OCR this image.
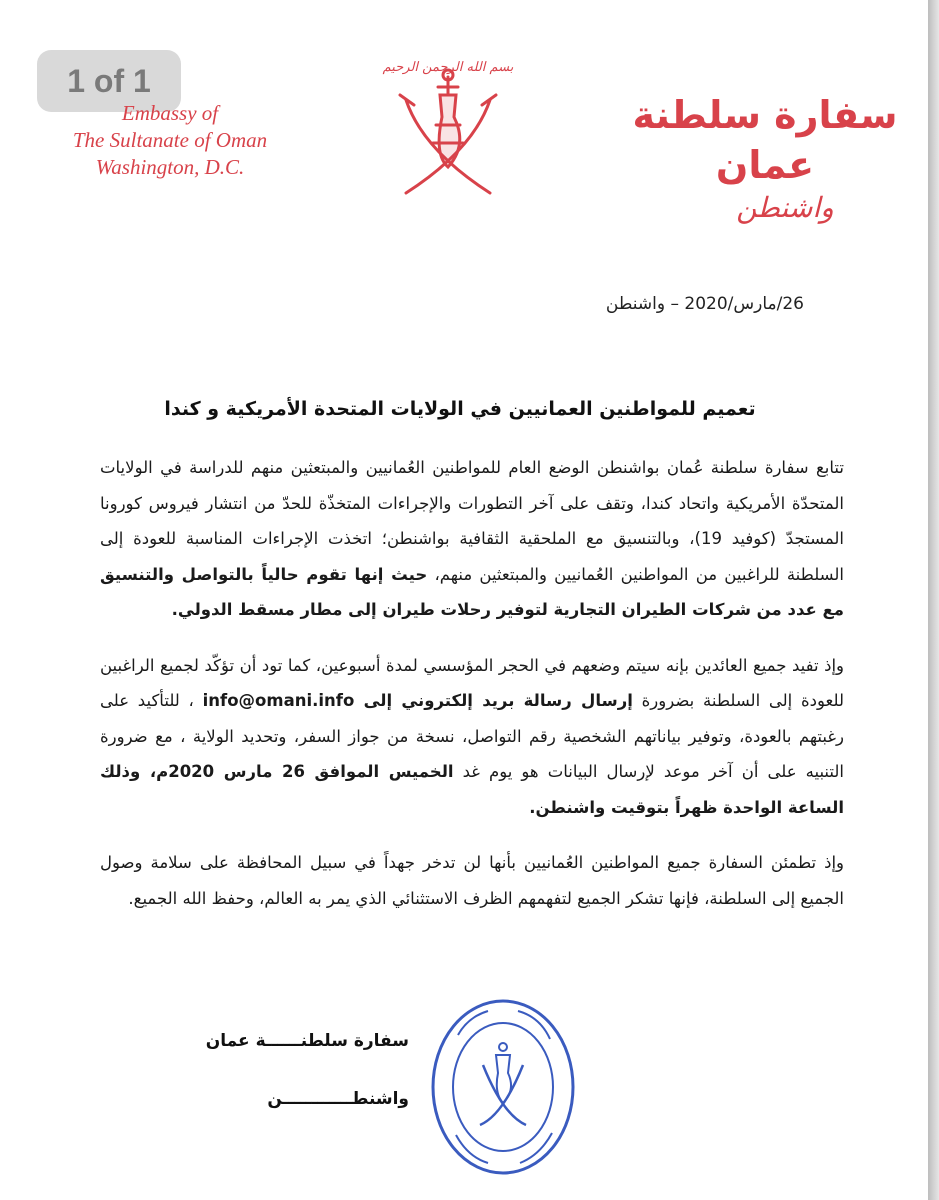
1 of 1
Embassy of
The Sultanate of Oman
Washington, D.C.
بسم الله الرحمن الرحيم
سفارة سلطنة عمان
واشنطن
26/مارس/2020 – واشنطن
تعميم للمواطنين العمانيين في الولايات المتحدة الأمريكية و كندا

تتابع سفارة سلطنة عُمان بواشنطن الوضع العام للمواطنين العُمانيين والمبتعثين منهم للدراسة في الولايات المتحدّة الأمريكية واتحاد كندا، وتقف على آخر التطورات والإجراءات المتخذّة للحدّ من انتشار فيروس كورونا المستجدّ (كوفيد 19)، وبالتنسيق مع الملحقية الثقافية بواشنطن؛ اتخذت الإجراءات المناسبة للعودة إلى السلطنة للراغبين من المواطنين العُمانيين والمبتعثين منهم، حيث إنها تقوم حالياً بالتواصل والتنسيق مع عدد من شركات الطيران التجارية لتوفير رحلات طيران إلى مطار مسقط الدولي.

وإذ تفيد جميع العائدين بإنه سيتم وضعهم في الحجر المؤسسي لمدة أسبوعين، كما تود أن تؤكّد لجميع الراغبين للعودة إلى السلطنة بضرورة إرسال رسالة بريد إلكتروني إلى info@omani.info ، للتأكيد على رغبتهم بالعودة، وتوفير بياناتهم الشخصية رقم التواصل، نسخة من جواز السفر، وتحديد الولاية ، مع ضرورة التنبيه على أن آخر موعد لإرسال البيانات هو يوم غد الخميس الموافق 26 مارس 2020م، وذلك الساعة الواحدة ظهراً بتوقيت واشنطن.

وإذ تطمئن السفارة جميع المواطنين العُمانيين بأنها لن تدخر جهداً في سبيل المحافظة على سلامة وصول الجميع إلى السلطنة، فإنها تشكر الجميع لتفهمهم الظرف الاستثنائي الذي يمر به العالم، وحفظ الله الجميع.

سفارة سلطنــــــة عمان
واشنطــــــــــــن
